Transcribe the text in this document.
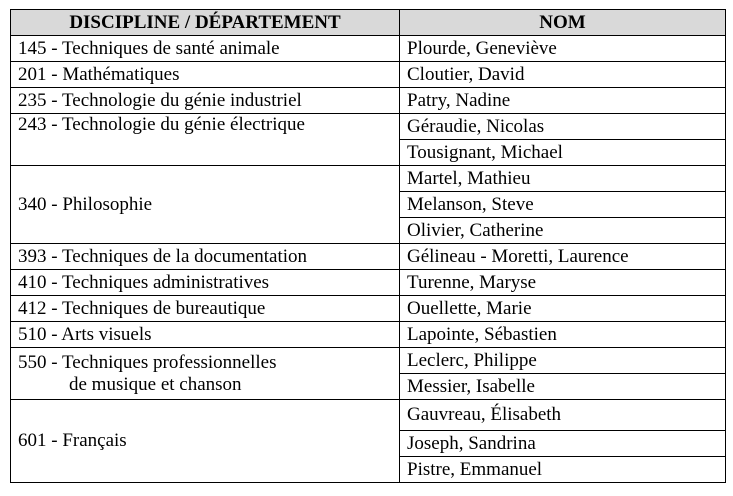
DISCIPLINE / DÉPARTEMENT	NOM

145 - Techniques de santé animale	Plourde, Geneviève

201 - Mathématiques	Cloutier, David

235 - Technologie du génie industriel	Patry, Nadine

243 - Technologie du génie électrique	Géraudie, Nicolas
	Tousignant, Michael

340 - Philosophie	Martel, Mathieu
	Melanson, Steve
	Olivier, Catherine

393 - Techniques de la documentation	Gélineau - Moretti, Laurence

410 - Techniques administratives	Turenne, Maryse

412 - Techniques de bureautique	Ouellette, Marie

510 - Arts visuels	Lapointe, Sébastien

550 - Techniques professionnelles
de musique et chanson	Leclerc, Philippe
	Messier, Isabelle

601 - Français	Gauvreau, Élisabeth
	Joseph, Sandrina
	Pistre, Emmanuel
